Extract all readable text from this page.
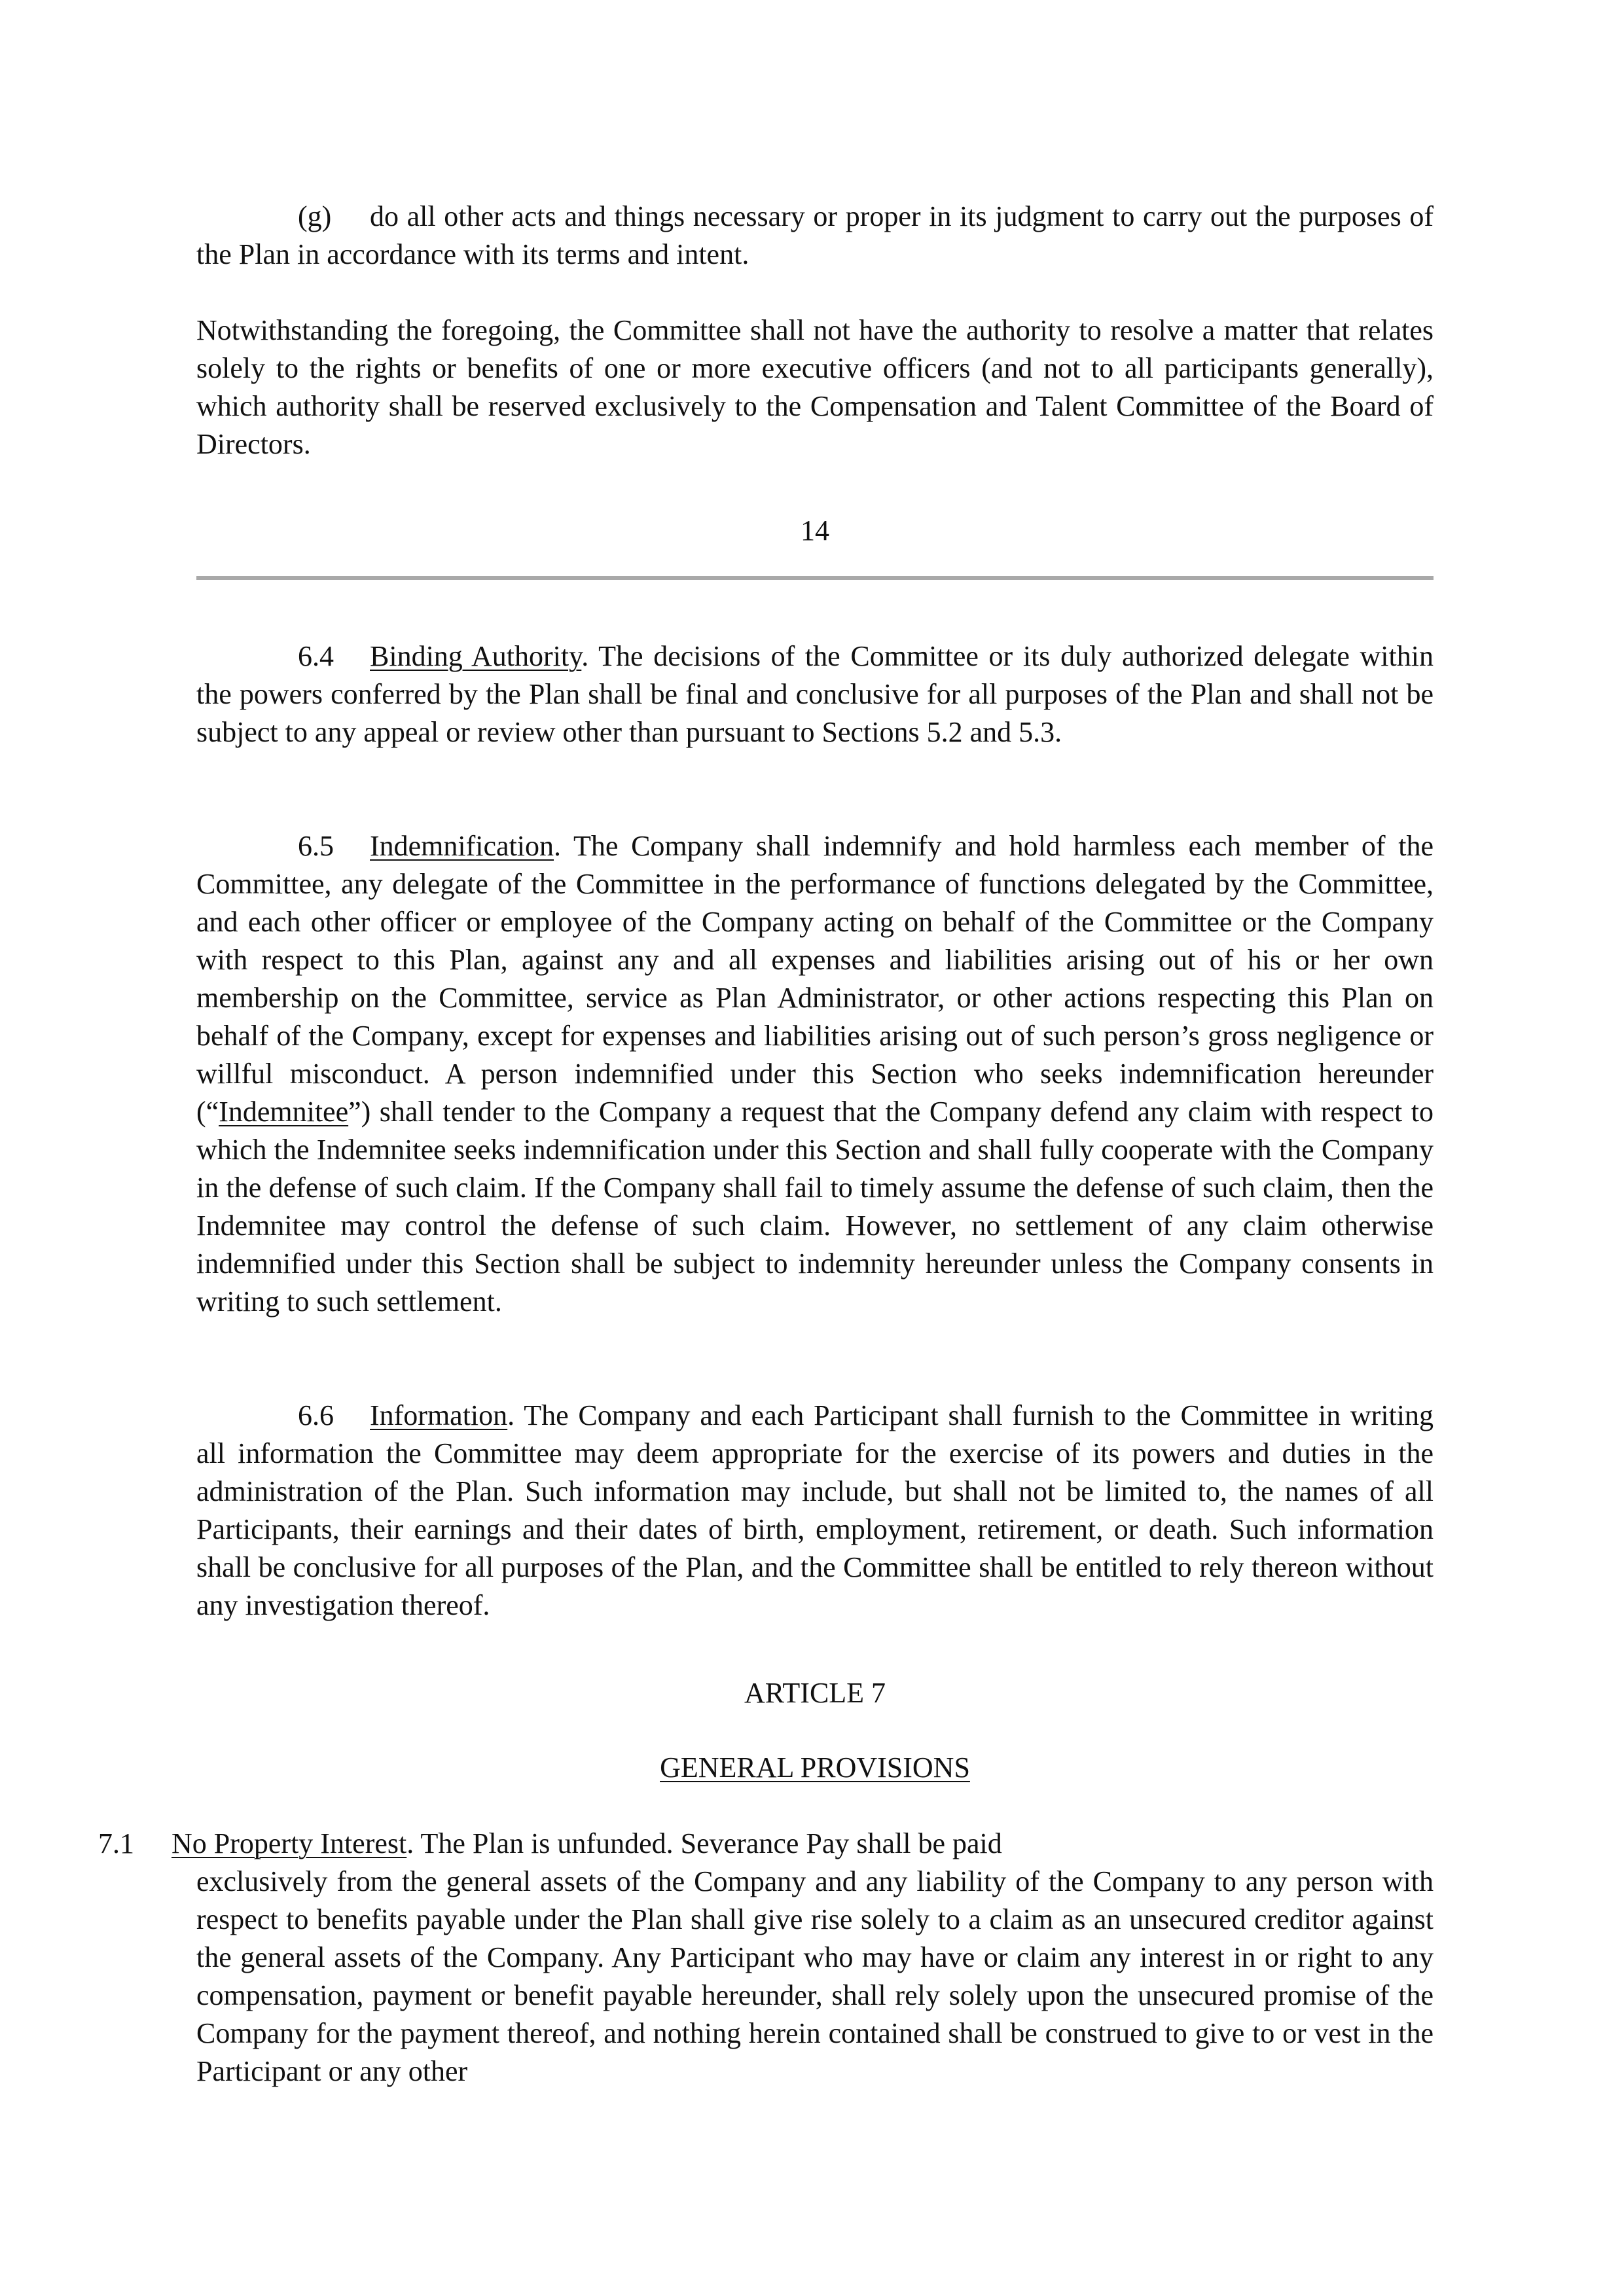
(g) do all other acts and things necessary or proper in its judgment to carry out the purposes of the Plan in accordance with its terms and intent.

Notwithstanding the foregoing, the Committee shall not have the authority to resolve a matter that relates solely to the rights or benefits of one or more executive officers (and not to all participants generally), which authority shall be reserved exclusively to the Compensation and Talent Committee of the Board of Directors.

14

6.4 Binding Authority. The decisions of the Committee or its duly authorized delegate within the powers conferred by the Plan shall be final and conclusive for all purposes of the Plan and shall not be subject to any appeal or review other than pursuant to Sections 5.2 and 5.3.

6.5 Indemnification. The Company shall indemnify and hold harmless each member of the Committee, any delegate of the Committee in the performance of functions delegated by the Committee, and each other officer or employee of the Company acting on behalf of the Committee or the Company with respect to this Plan, against any and all expenses and liabilities arising out of his or her own membership on the Committee, service as Plan Administrator, or other actions respecting this Plan on behalf of the Company, except for expenses and liabilities arising out of such person’s gross negligence or willful misconduct. A person indemnified under this Section who seeks indemnification hereunder (“Indemnitee”) shall tender to the Company a request that the Company defend any claim with respect to which the Indemnitee seeks indemnification under this Section and shall fully cooperate with the Company in the defense of such claim. If the Company shall fail to timely assume the defense of such claim, then the Indemnitee may control the defense of such claim. However, no settlement of any claim otherwise indemnified under this Section shall be subject to indemnity hereunder unless the Company consents in writing to such settlement.

6.6 Information. The Company and each Participant shall furnish to the Committee in writing all information the Committee may deem appropriate for the exercise of its powers and duties in the administration of the Plan. Such information may include, but shall not be limited to, the names of all Participants, their earnings and their dates of birth, employment, retirement, or death. Such information shall be conclusive for all purposes of the Plan, and the Committee shall be entitled to rely thereon without any investigation thereof.

ARTICLE 7

GENERAL PROVISIONS

7.1 No Property Interest. The Plan is unfunded. Severance Pay shall be paid

exclusively from the general assets of the Company and any liability of the Company to any person with respect to benefits payable under the Plan shall give rise solely to a claim as an unsecured creditor against the general assets of the Company. Any Participant who may have or claim any interest in or right to any compensation, payment or benefit payable hereunder, shall rely solely upon the unsecured promise of the Company for the payment thereof, and nothing herein contained shall be construed to give to or vest in the Participant or any other
